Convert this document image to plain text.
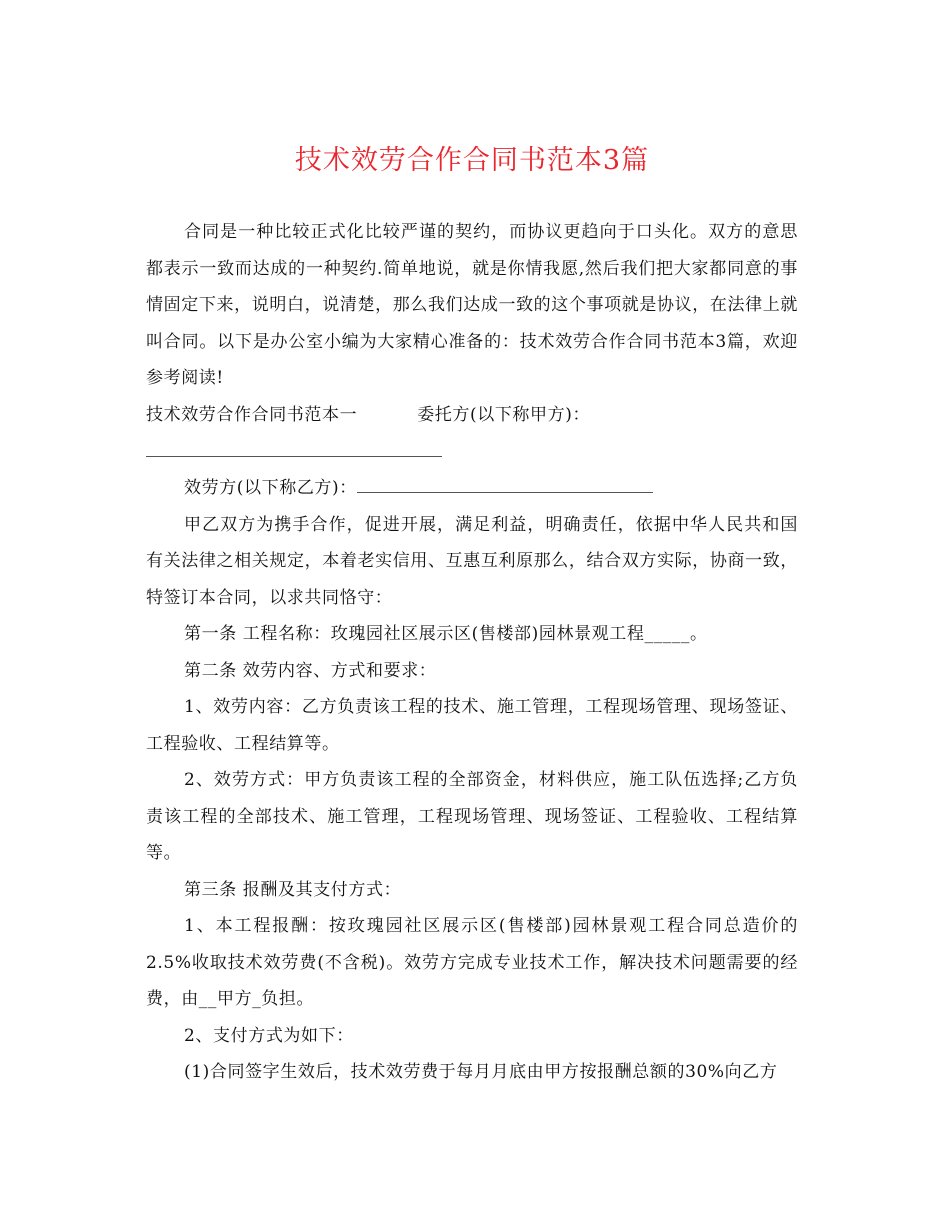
技术效劳合作合同书范本3篇

合同是一种比较正式化比较严谨的契约，而协议更趋向于口头化。双方的意思都表示一致而达成的一种契约.简单地说，就是你情我愿,然后我们把大家都同意的事情固定下来，说明白，说清楚，那么我们达成一致的这个事项就是协议，在法律上就叫合同。以下是办公室小编为大家精心准备的：技术效劳合作合同书范本3篇，欢迎参考阅读!

技术效劳合作合同书范本一	委托方(以下称甲方)：

效劳方(以下称乙方)：

甲乙双方为携手合作，促进开展，满足利益，明确责任，依据中华人民共和国有关法律之相关规定，本着老实信用、互惠互利原那么，结合双方实际，协商一致，特签订本合同，以求共同恪守：

第一条 工程名称：玫瑰园社区展示区(售楼部)园林景观工程_____。

第二条 效劳内容、方式和要求：

1、效劳内容：乙方负责该工程的技术、施工管理，工程现场管理、现场签证、工程验收、工程结算等。

2、效劳方式：甲方负责该工程的全部资金，材料供应，施工队伍选择;乙方负责该工程的全部技术、施工管理，工程现场管理、现场签证、工程验收、工程结算等。

第三条 报酬及其支付方式：

1、本工程报酬：按玫瑰园社区展示区(售楼部)园林景观工程合同总造价的2.5%收取技术效劳费(不含税)。效劳方完成专业技术工作，解决技术问题需要的经费，由__甲方_负担。

2、支付方式为如下：

(1)合同签字生效后，技术效劳费于每月月底由甲方按报酬总额的30%向乙方
